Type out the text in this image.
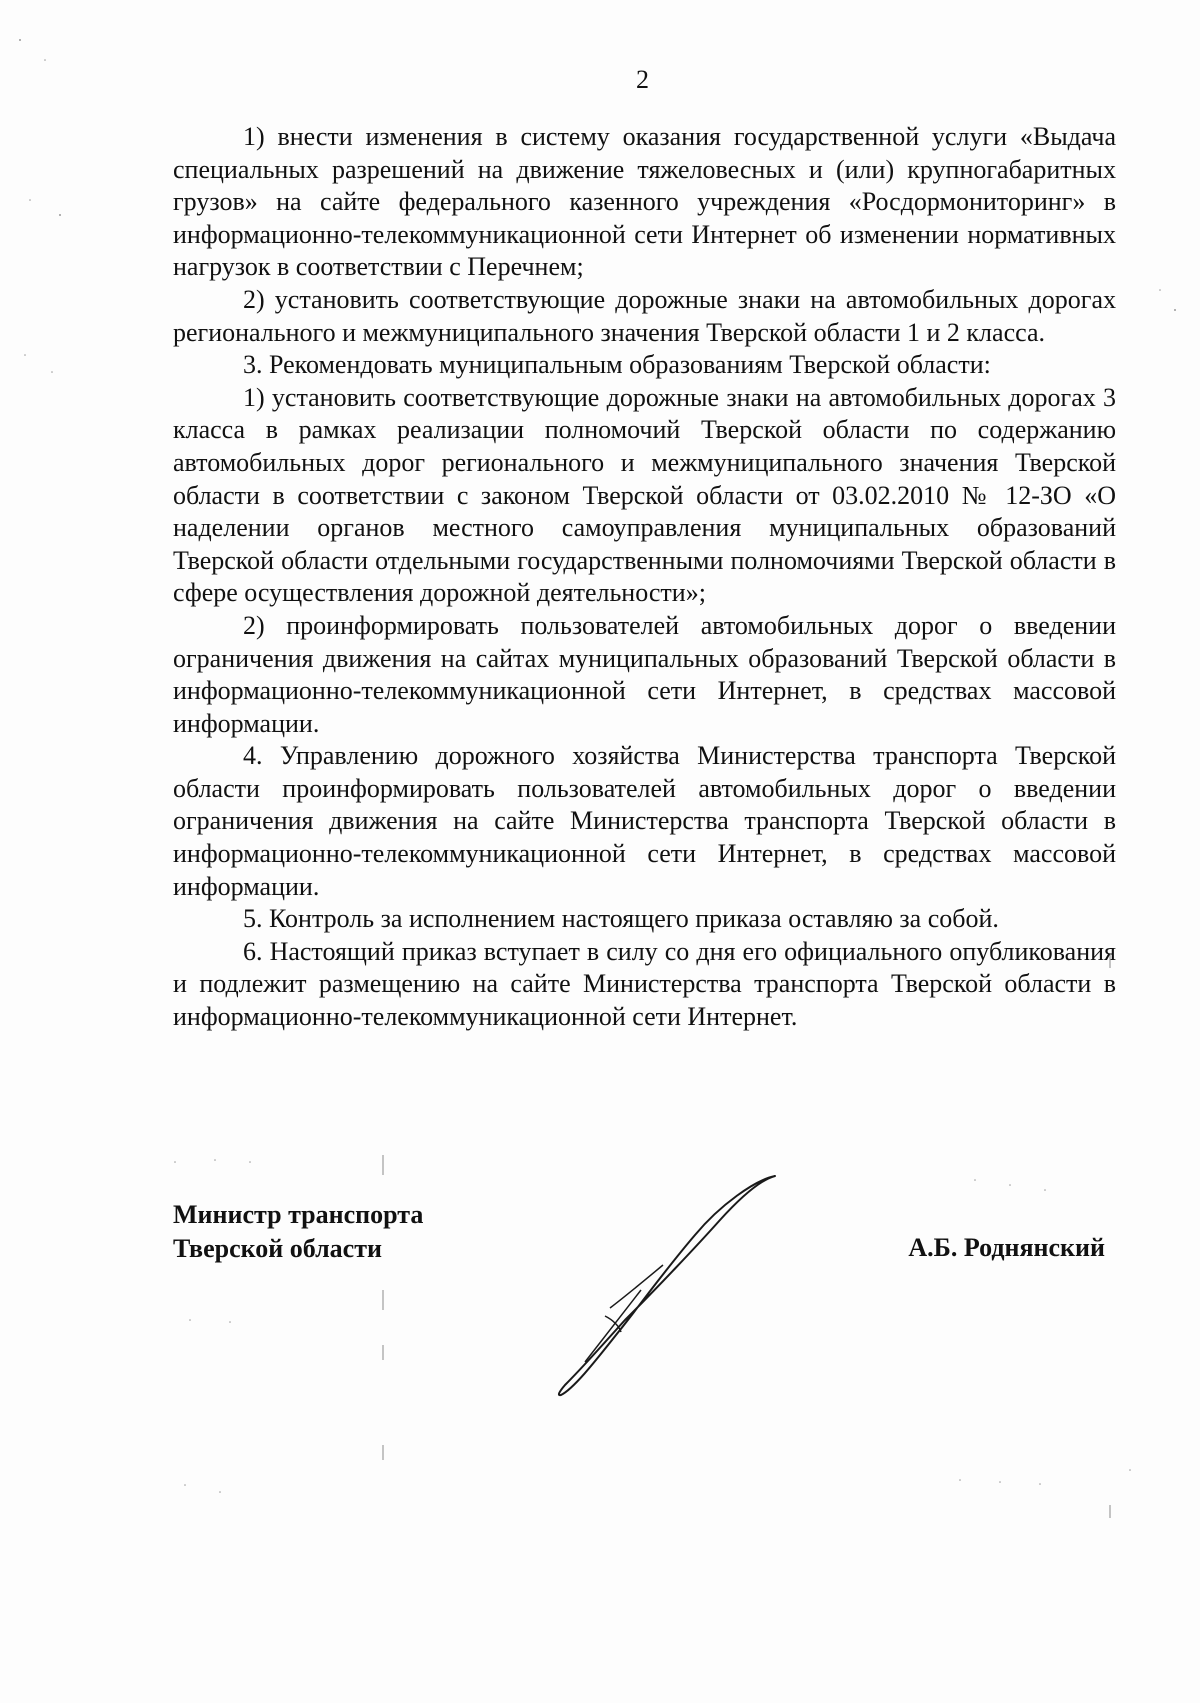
2

1) внести изменения в систему оказания государственной услуги «Выдача специальных разрешений на движение тяжеловесных и (или) крупногабаритных грузов» на сайте федерального казенного учреждения «Росдормониторинг» в информационно-телекоммуникационной сети Интернет об изменении нормативных нагрузок в соответствии с Перечнем;

2) установить соответствующие дорожные знаки на автомобильных дорогах регионального и межмуниципального значения Тверской области 1 и 2 класса.

3. Рекомендовать муниципальным образованиям Тверской области:

1) установить соответствующие дорожные знаки на автомобильных дорогах 3 класса в рамках реализации полномочий Тверской области по содержанию автомобильных дорог регионального и межмуниципального значения Тверской области в соответствии с законом Тверской области от 03.02.2010 № 12-ЗО «О наделении органов местного самоуправления муниципальных образований Тверской области отдельными государственными полномочиями Тверской области в сфере осуществления дорожной деятельности»;

2) проинформировать пользователей автомобильных дорог о введении ограничения движения на сайтах муниципальных образований Тверской области в информационно-телекоммуникационной сети Интернет, в средствах массовой информации.

4. Управлению дорожного хозяйства Министерства транспорта Тверской области проинформировать пользователей автомобильных дорог о введении ограничения движения на сайте Министерства транспорта Тверской области в информационно-телекоммуникационной сети Интернет, в средствах массовой информации.

5. Контроль за исполнением настоящего приказа оставляю за собой.

6. Настоящий приказ вступает в силу со дня его официального опубликования и подлежит размещению на сайте Министерства транспорта Тверской области в информационно-телекоммуникационной сети Интернет.

Министр транспорта
Тверской области	А.Б. Роднянский
